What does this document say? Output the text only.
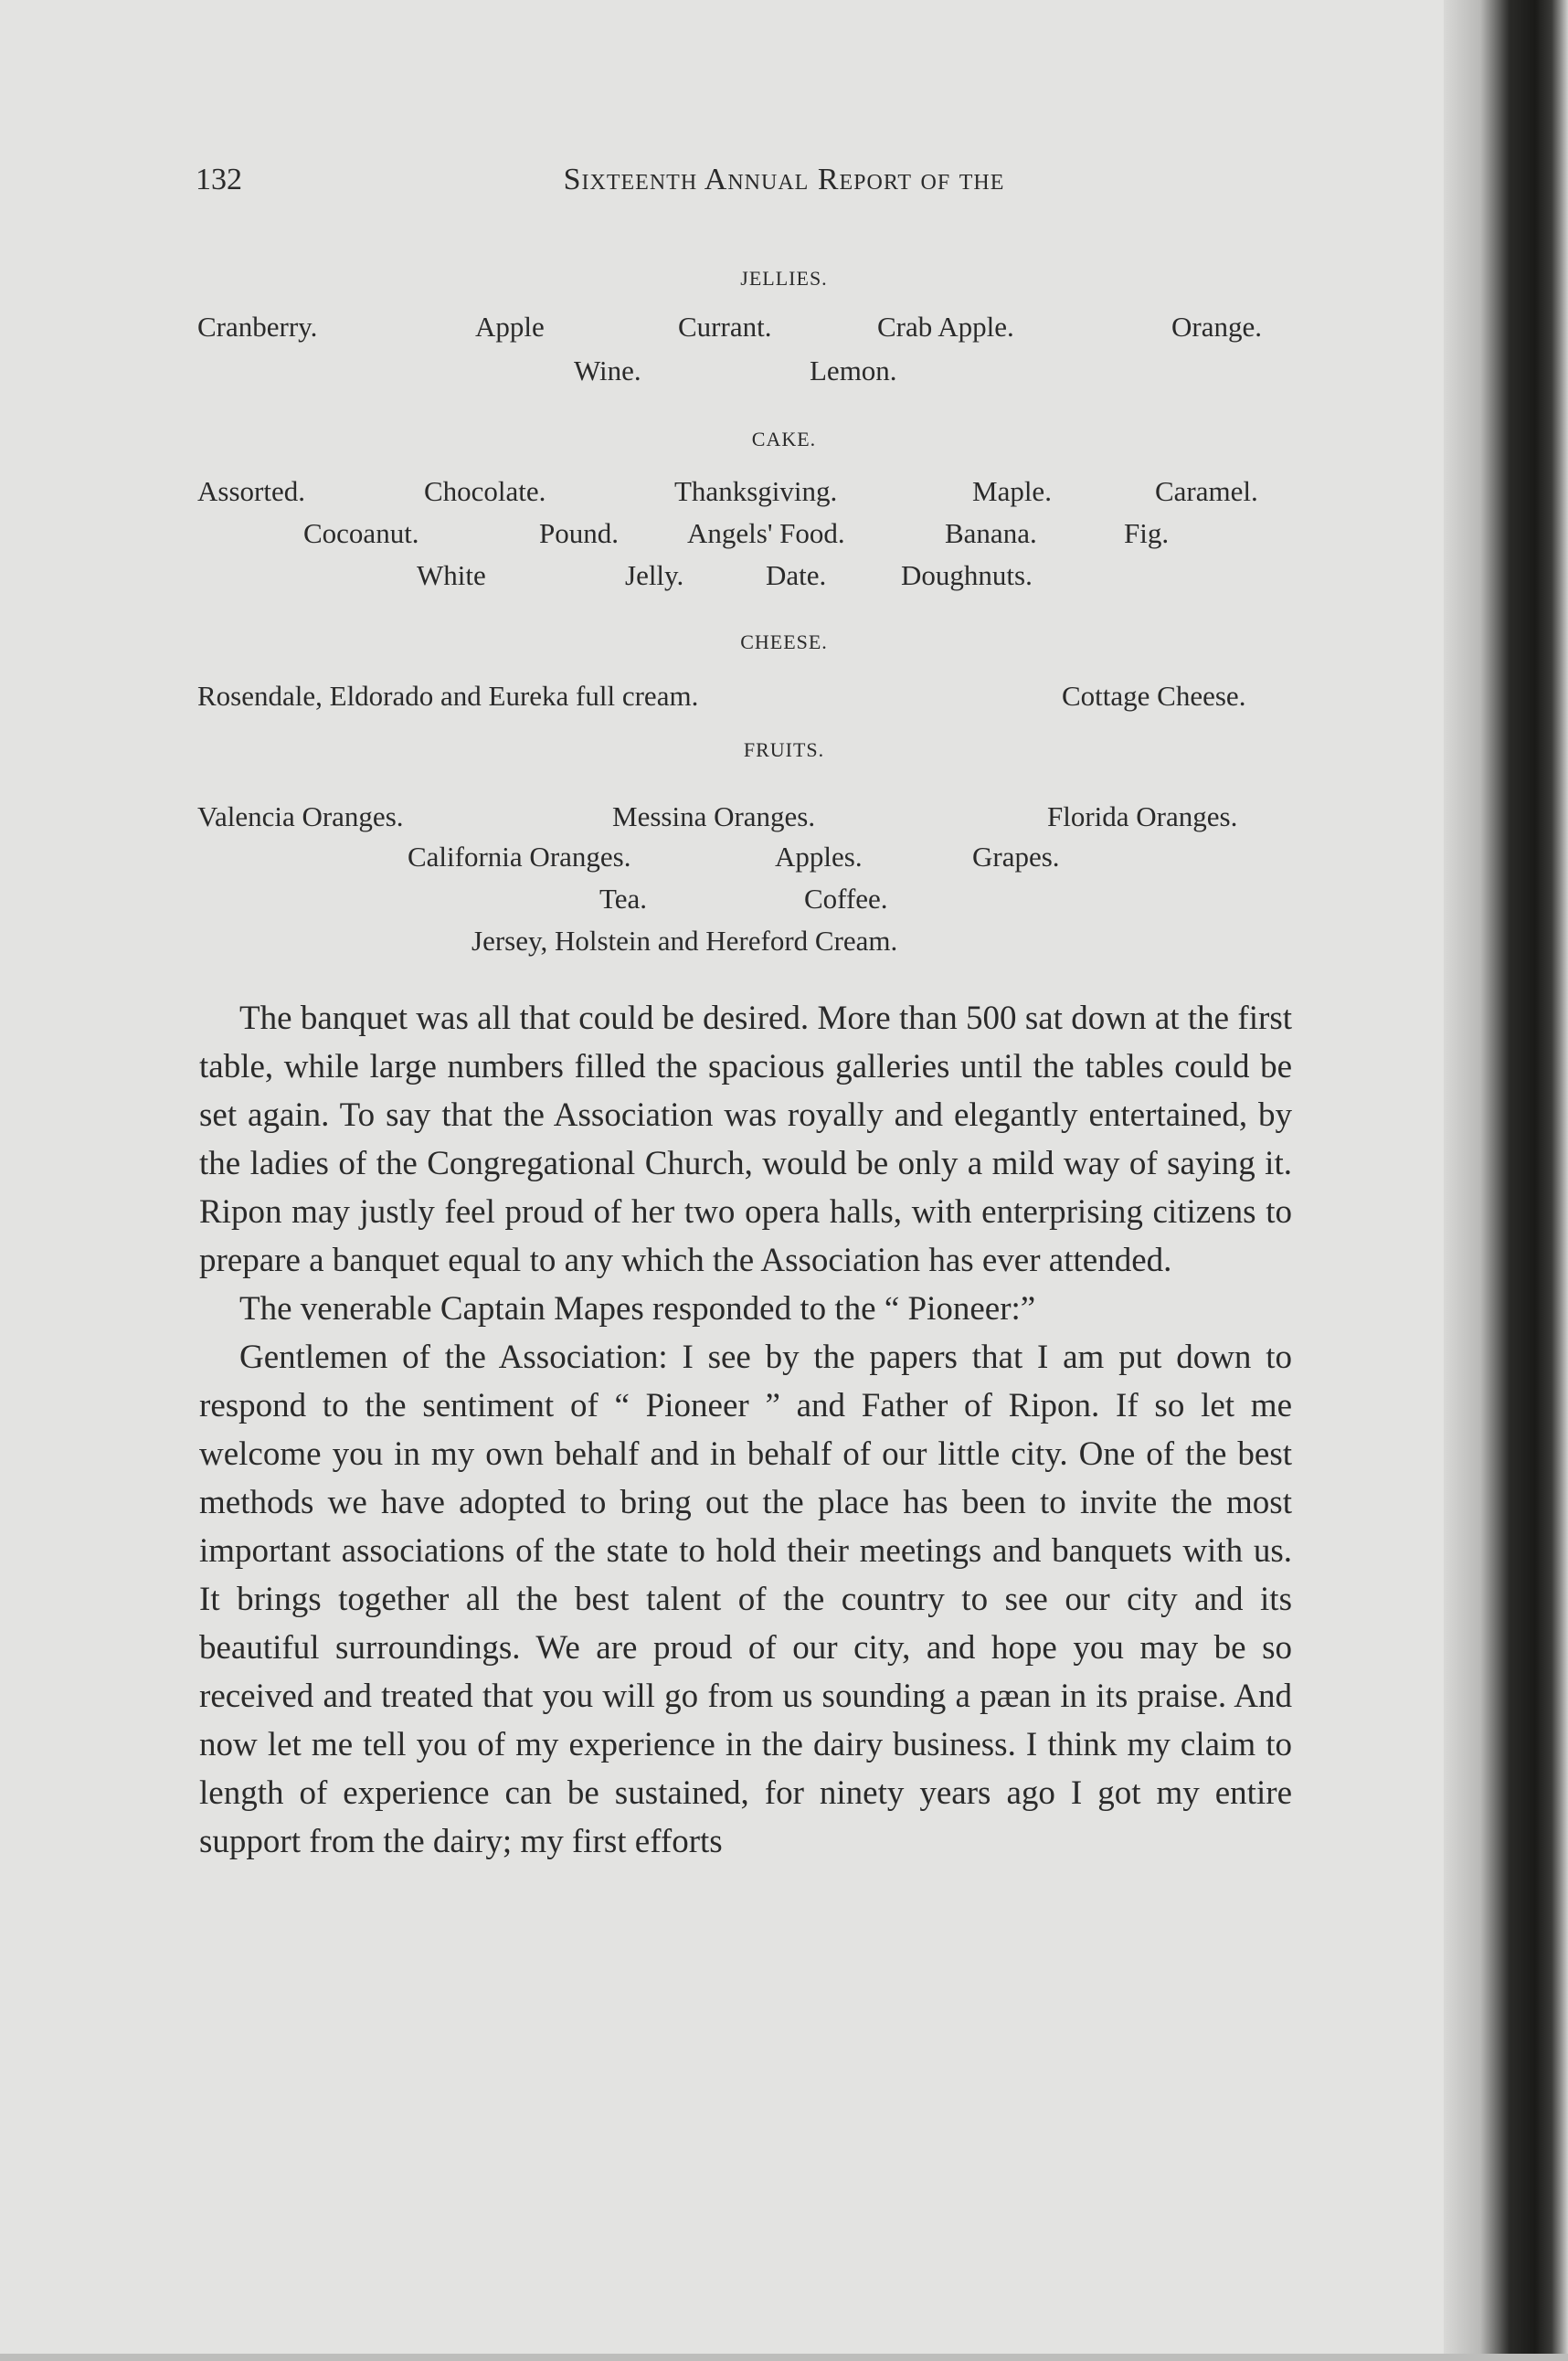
132	Sixteenth Annual Report of the
JELLIES.
Cranberry.	Apple	Currant.	Crab Apple.	Orange.
Wine.	Lemon.
CAKE.
Assorted.	Chocolate.	Thanksgiving.	Maple.	Caramel.
Cocoanut.	Pound. Angels' Food.	Banana.	Fig.
White	Jelly.	Date.	Doughnuts.
CHEESE.
Rosendale, Eldorado and Eureka full cream.	Cottage Cheese.
FRUITS.
Valencia Oranges.	Messina Oranges.	Florida Oranges.
California Oranges.	Apples.	Grapes.
Tea.	Coffee.
Jersey, Holstein and Hereford Cream.

The banquet was all that could be desired. More than 500 sat down at the first table, while large numbers filled the spacious galleries until the tables could be set again. To say that the Association was royally and elegantly entertained, by the ladies of the Congregational Church, would be only a mild way of saying it. Ripon may justly feel proud of her two opera halls, with enterprising citizens to prepare a banquet equal to any which the Association has ever attended.

The venerable Captain Mapes responded to the “ Pioneer:”

Gentlemen of the Association: I see by the papers that I am put down to respond to the sentiment of “ Pioneer ” and Father of Ripon. If so let me welcome you in my own behalf and in behalf of our little city. One of the best methods we have adopted to bring out the place has been to invite the most important associations of the state to hold their meetings and banquets with us. It brings together all the best talent of the country to see our city and its beautiful surroundings. We are proud of our city, and hope you may be so received and treated that you will go from us sounding a pæan in its praise. And now let me tell you of my experience in the dairy business. I think my claim to length of experience can be sustained, for ninety years ago I got my entire support from the dairy; my first efforts
